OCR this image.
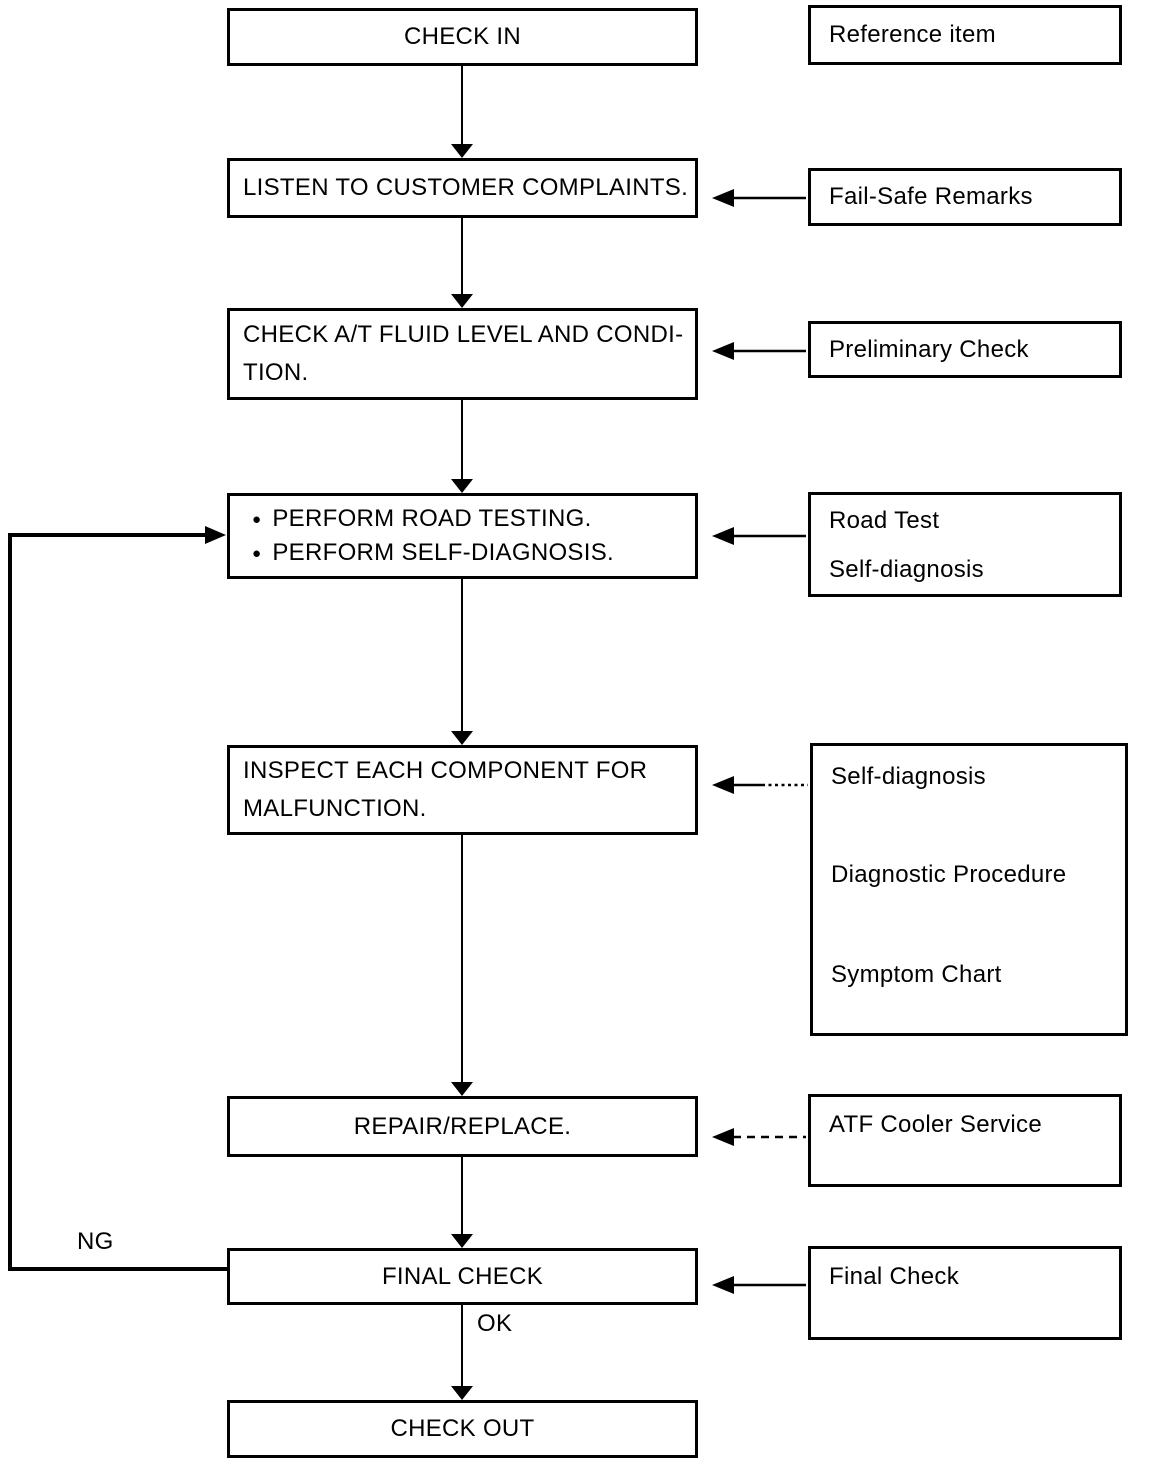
CHECK IN
LISTEN TO CUSTOMER COMPLAINTS.
CHECK A/T FLUID LEVEL AND CONDI-
TION.
● PERFORM ROAD TESTING.
● PERFORM SELF-DIAGNOSIS.
INSPECT EACH COMPONENT FOR
MALFUNCTION.
REPAIR/REPLACE.
FINAL CHECK
CHECK OUT
NG
OK
Reference item
Fail-Safe Remarks
Preliminary Check
Road Test
Self-diagnosis
Self-diagnosis
Diagnostic Procedure
Symptom Chart
ATF Cooler Service
Final Check
